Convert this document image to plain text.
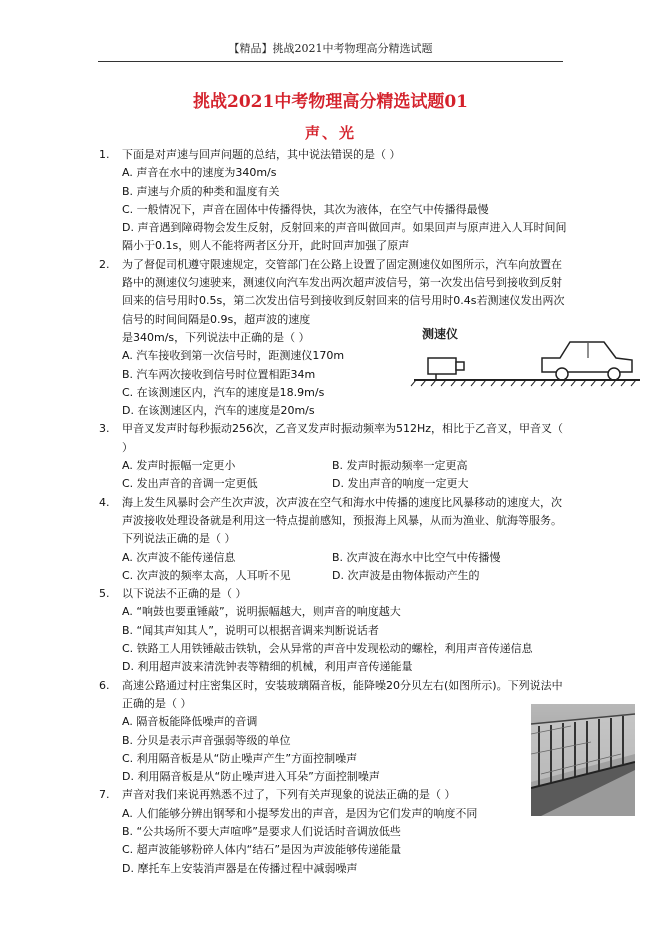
【精品】挑战2021中考物理高分精选试题
挑战2021中考物理高分精选试题01
声、光
1. 下面是对声速与回声问题的总结，其中说法错误的是（ ）
A. 声音在水中的速度为340m/s
B. 声速与介质的种类和温度有关
C. 一般情况下，声音在固体中传播得快，其次为液体，在空气中传播得最慢
D. 声音遇到障碍物会发生反射，反射回来的声音叫做回声。如果回声与原声进入人耳时间间隔小于0.1s，则人不能将两者区分开，此时回声加强了原声
2. 为了督促司机遵守限速规定，交管部门在公路上设置了固定测速仪如图所示，汽车向放置在路中的测速仪匀速驶来，测速仪向汽车发出两次超声波信号，第一次发出信号到接收到反射回来的信号用时0.5s，第二次发出信号到接收到反射回来的信号用时0.4s若测速仪发出两次信号的时间间隔是0.9s，超声波的速度
是340m/s，下列说法中正确的是（ ）
A. 汽车接收到第一次信号时，距测速仪170m
B. 汽车两次接收到信号时位置相距34m
C. 在该测速区内，汽车的速度是18.9m/s
D. 在该测速区内，汽车的速度是20m/s
3. 甲音叉发声时每秒振动256次，乙音叉发声时振动频率为512Hz，相比于乙音叉，甲音叉（ ）
A. 发声时振幅一定更小	B. 发声时振动频率一定更高
C. 发出声音的音调一定更低	D. 发出声音的响度一定更大
4. 海上发生风暴时会产生次声波，次声波在空气和海水中传播的速度比风暴移动的速度大，次声波接收处理设备就是利用这一特点提前感知，预报海上风暴，从而为渔业、航海等服务。下列说法正确的是（ ）
A. 次声波不能传递信息	B. 次声波在海水中比空气中传播慢
C. 次声波的频率太高，人耳听不见	D. 次声波是由物体振动产生的
5. 以下说法不正确的是（ ）
A. “响鼓也要重锤敲”，说明振幅越大，则声音的响度越大
B. “闻其声知其人”，说明可以根据音调来判断说话者
C. 铁路工人用铁锤敲击铁轨，会从异常的声音中发现松动的螺栓，利用声音传递信息
D. 利用超声波来清洗钟表等精细的机械，利用声音传递能量
6. 高速公路通过村庄密集区时，安装玻璃隔音板，能降噪20分贝左右(如图所示)。下列说法中正确的是（ ）
A. 隔音板能降低噪声的音调
B. 分贝是表示声音强弱等级的单位
C. 利用隔音板是从“防止噪声产生”方面控制噪声
D. 利用隔音板是从“防止噪声进入耳朵”方面控制噪声
7. 声音对我们来说再熟悉不过了，下列有关声现象的说法正确的是（ ）
A. 人们能够分辨出钢琴和小提琴发出的声音，是因为它们发声的响度不同
B. “公共场所不要大声喧哗”是要求人们说话时音调放低些
C. 超声波能够粉碎人体内“结石”是因为声波能够传递能量
D. 摩托车上安装消声器是在传播过程中减弱噪声
测速仪
